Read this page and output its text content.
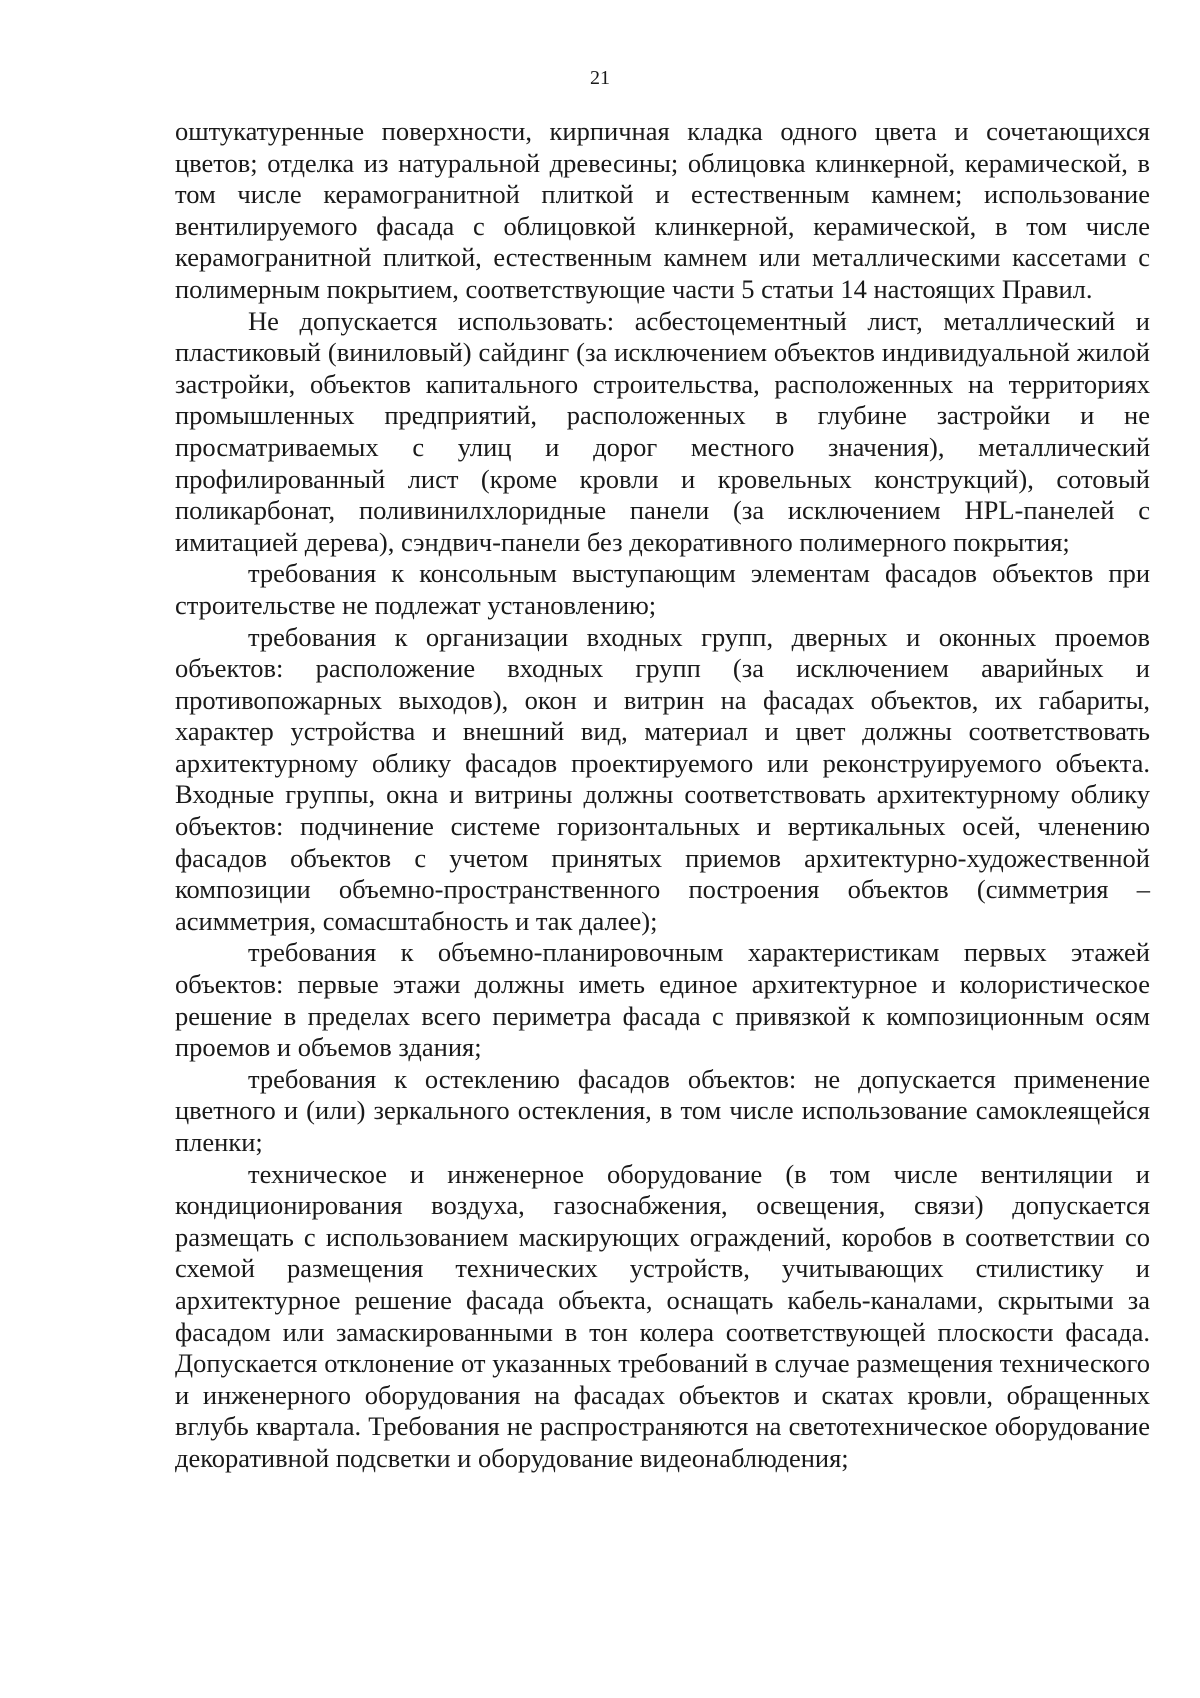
21

оштукатуренные поверхности, кирпичная кладка одного цвета и сочетающихся цветов; отделка из натуральной древесины; облицовка клинкерной, керамической, в том числе керамогранитной плиткой и естественным камнем; использование вентилируемого фасада с облицовкой клинкерной, керамической, в том числе керамогранитной плиткой, естественным камнем или металлическими кассетами с полимерным покрытием, соответствующие части 5 статьи 14 настоящих Правил.

Не допускается использовать: асбестоцементный лист, металлический и пластиковый (виниловый) сайдинг (за исключением объектов индивидуальной жилой застройки, объектов капитального строительства, расположенных на территориях промышленных предприятий, расположенных в глубине застройки и не просматриваемых с улиц и дорог местного значения), металлический профилированный лист (кроме кровли и кровельных конструкций), сотовый поликарбонат, поливинилхлоридные панели (за исключением HPL-панелей с имитацией дерева), сэндвич-панели без декоративного полимерного покрытия;

требования к консольным выступающим элементам фасадов объектов при строительстве не подлежат установлению;

требования к организации входных групп, дверных и оконных проемов объектов: расположение входных групп (за исключением аварийных и противопожарных выходов), окон и витрин на фасадах объектов, их габариты, характер устройства и внешний вид, материал и цвет должны соответствовать архитектурному облику фасадов проектируемого или реконструируемого объекта. Входные группы, окна и витрины должны соответствовать архитектурному облику объектов: подчинение системе горизонтальных и вертикальных осей, членению фасадов объектов с учетом принятых приемов архитектурно-художественной композиции объемно-пространственного построения объектов (симметрия – асимметрия, сомасштабность и так далее);

требования к объемно-планировочным характеристикам первых этажей объектов: первые этажи должны иметь единое архитектурное и колористическое решение в пределах всего периметра фасада с привязкой к композиционным осям проемов и объемов здания;

требования к остеклению фасадов объектов: не допускается применение цветного и (или) зеркального остекления, в том числе использование самоклеящейся пленки;

техническое и инженерное оборудование (в том числе вентиляции и кондиционирования воздуха, газоснабжения, освещения, связи) допускается размещать с использованием маскирующих ограждений, коробов в соответствии со схемой размещения технических устройств, учитывающих стилистику и архитектурное решение фасада объекта, оснащать кабель-каналами, скрытыми за фасадом или замаскированными в тон колера соответствующей плоскости фасада. Допускается отклонение от указанных требований в случае размещения технического и инженерного оборудования на фасадах объектов и скатах кровли, обращенных вглубь квартала. Требования не распространяются на светотехническое оборудование декоративной подсветки и оборудование видеонаблюдения;
